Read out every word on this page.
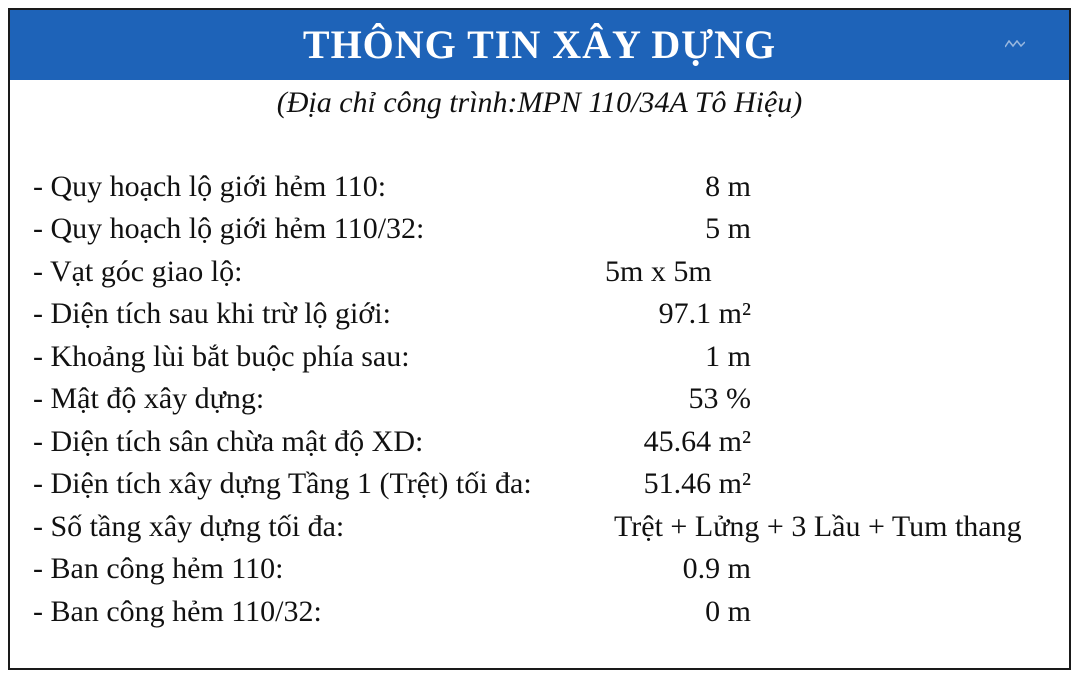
THÔNG TIN XÂY DỰNG
(Địa chỉ công trình:MPN 110/34A Tô Hiệu)
- Quy hoạch lộ giới hẻm 110:	8 m
- Quy hoạch lộ giới hẻm 110/32:	5 m
- Vạt góc giao lộ:	5m x 5m
- Diện tích sau khi trừ lộ giới:	97.1 m²
- Khoảng lùi bắt buộc phía sau:	1 m
- Mật độ xây dựng:	53 %
- Diện tích sân chừa mật độ XD:	45.64 m²
- Diện tích xây dựng Tầng 1 (Trệt) tối đa:	51.46 m²
- Số tầng xây dựng tối đa:	Trệt + Lửng + 3 Lầu + Tum thang
- Ban công hẻm 110:	0.9 m
- Ban công hẻm 110/32:	0 m
